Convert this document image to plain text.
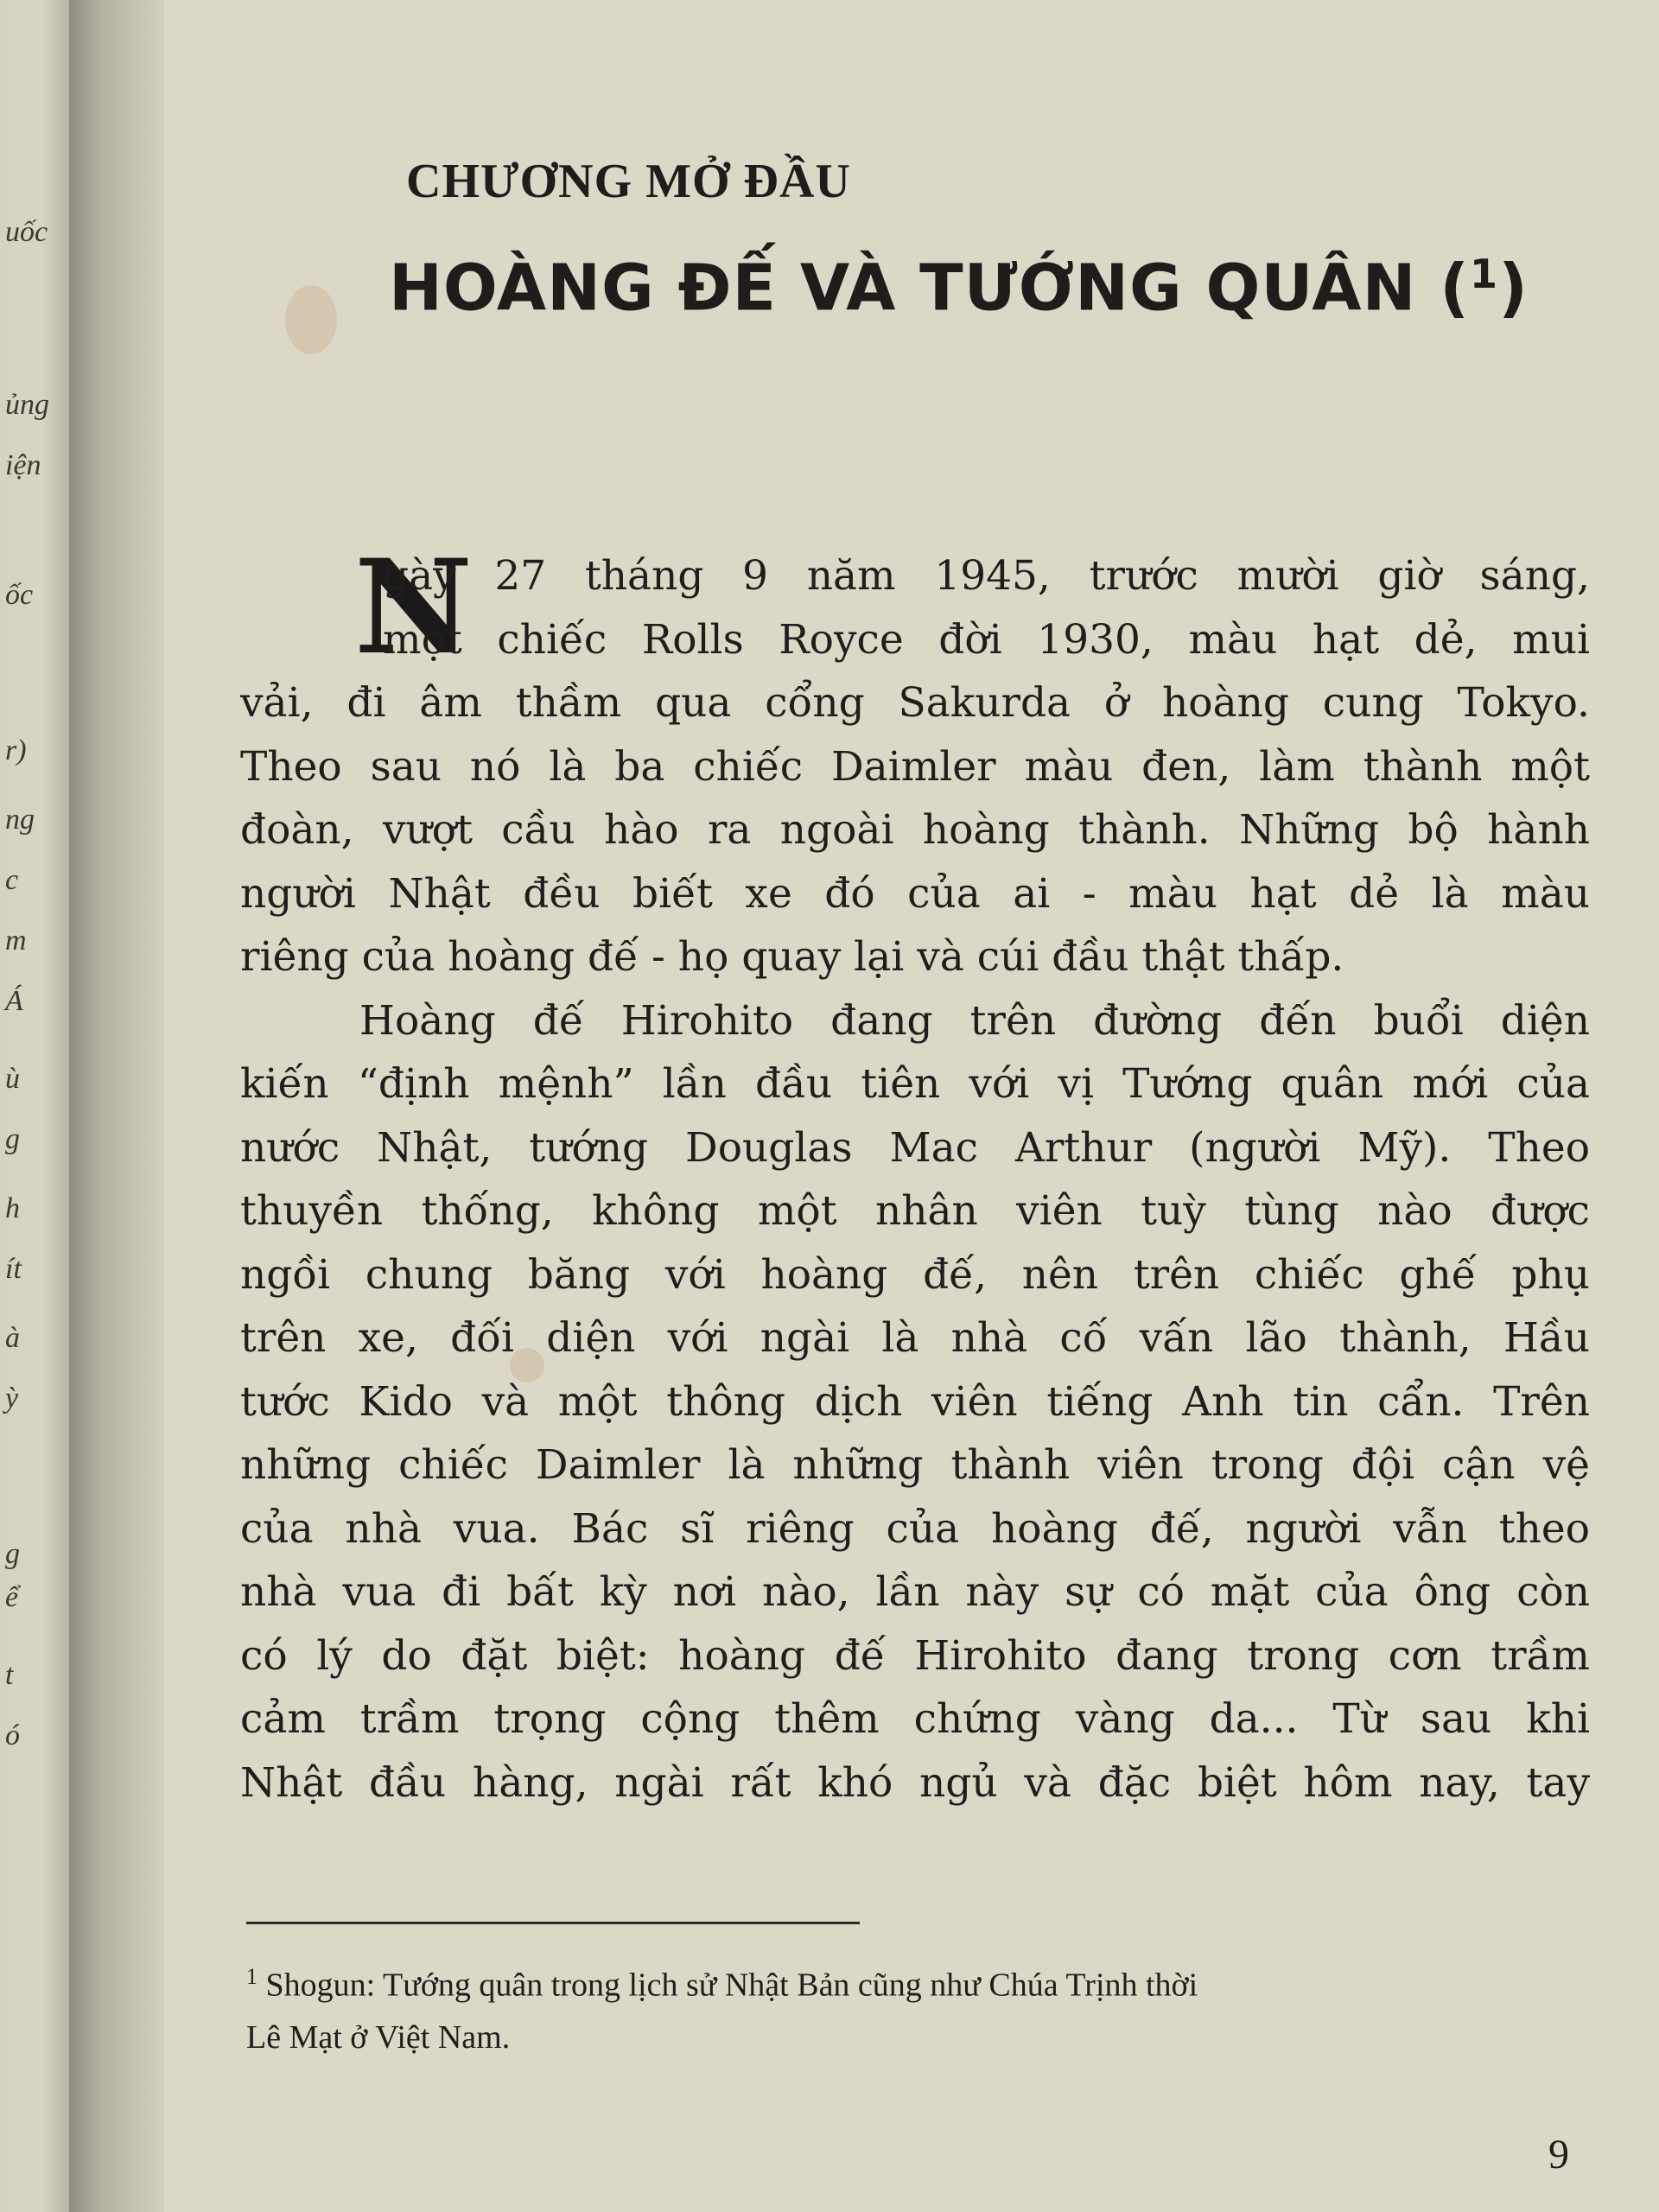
uốc
ủng
iện
ốc
r)
ng
c
m
Á
ù
g
h
ít
à
ỳ
g
ể
t
ó
CHƯƠNG MỞ ĐẦU
HOÀNG ĐẾ VÀ TƯỚNG QUÂN ($^1$)
N
gày 27 tháng 9 năm 1945, trước mười giờ sáng,
một chiếc Rolls Royce đời 1930, màu hạt dẻ, mui
vải, đi âm thầm qua cổng Sakurda ở hoàng cung Tokyo.
Theo sau nó là ba chiếc Daimler màu đen, làm thành một
đoàn, vượt cầu hào ra ngoài hoàng thành. Những bộ hành
người Nhật đều biết xe đó của ai - màu hạt dẻ là màu
riêng của hoàng đế - họ quay lại và cúi đầu thật thấp.
Hoàng đế Hirohito đang trên đường đến buổi diện
kiến “định mệnh” lần đầu tiên với vị Tướng quân mới của
nước Nhật, tướng Douglas Mac Arthur (người Mỹ). Theo
thuyền thống, không một nhân viên tuỳ tùng nào được
ngồi chung băng với hoàng đế, nên trên chiếc ghế phụ
trên xe, đối diện với ngài là nhà cố vấn lão thành, Hầu
tước Kido và một thông dịch viên tiếng Anh tin cẩn. Trên
những chiếc Daimler là những thành viên trong đội cận vệ
của nhà vua. Bác sĩ riêng của hoàng đế, người vẫn theo
nhà vua đi bất kỳ nơi nào, lần này sự có mặt của ông còn
có lý do đặt biệt: hoàng đế Hirohito đang trong cơn trầm
cảm trầm trọng cộng thêm chứng vàng da... Từ sau khi
Nhật đầu hàng, ngài rất khó ngủ và đặc biệt hôm nay, tay
$^1$ Shogun: Tướng quân trong lịch sử Nhật Bản cũng như Chúa Trịnh thời
Lê Mạt ở Việt Nam.
9
